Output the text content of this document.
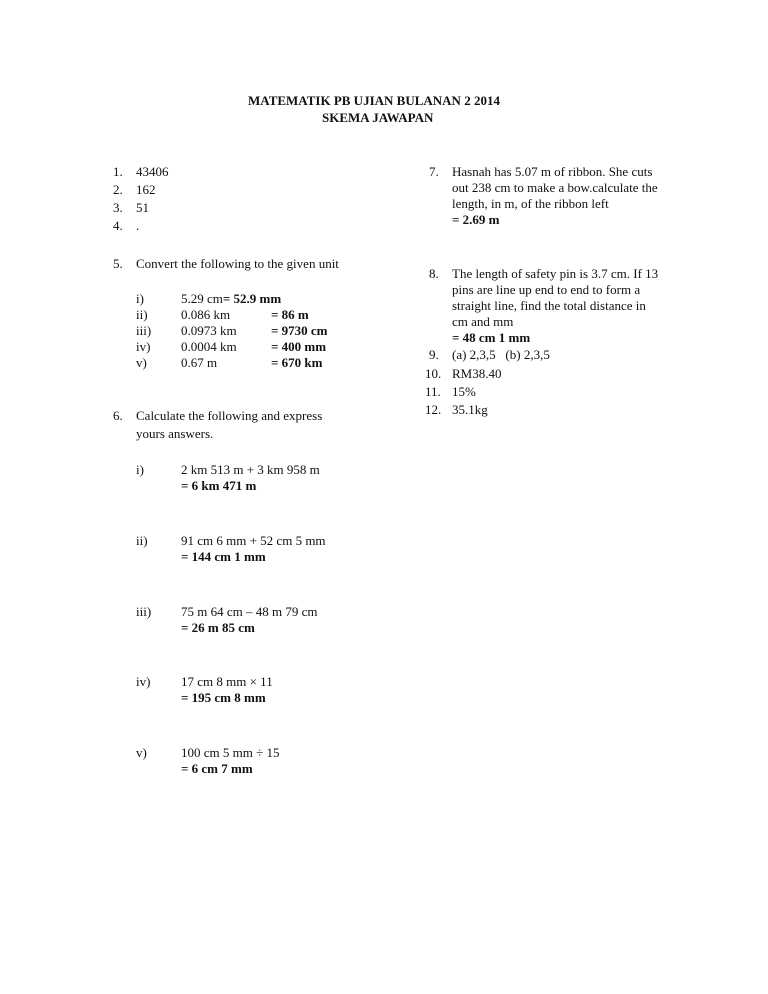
MATEMATIK PB UJIAN BULANAN 2 2014
SKEMA JAWAPAN
1. 43406
2. 162
3. 51
4. .
5. Convert the following to the given unit
i)	5.29 cm= 52.9 mm
ii)	0.086 km	= 86 m
iii) 0.0973 km	= 9730 cm
iv) 0.0004 km	= 400 mm
v)	0.67 m	= 670 km
6. Calculate the following and express
yours answers.
i)	2 km 513 m + 3 km 958 m
= 6 km 471 m
ii)	91 cm 6 mm + 52 cm 5 mm
= 144 cm 1 mm
iii) 75 m 64 cm – 48 m 79 cm
= 26 m 85 cm
iv) 17 cm 8 mm × 11
= 195 cm 8 mm
v)	100 cm 5 mm ÷ 15
= 6 cm 7 mm
7. Hasnah has 5.07 m of ribbon. She cuts
out 238 cm to make a bow.calculate the
length, in m, of the ribbon left
= 2.69 m
8. The length of safety pin is 3.7 cm. If 13
pins are line up end to end to form a
straight line, find the total distance in
cm and mm
= 48 cm 1 mm
9. (a) 2,3,5   (b) 2,3,5
10. RM38.40
11. 15%
12. 35.1kg
